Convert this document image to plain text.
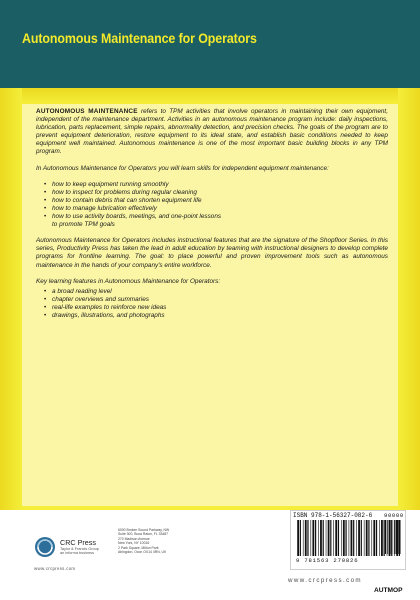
Autonomous Maintenance for Operators

AUTONOMOUS MAINTENANCE refers to TPM activities that involve operators in maintaining their own equipment, independent of the maintenance department. Activities in an autonomous maintenance program include: daily inspections, lubrication, parts replacement, simple repairs, abnormality detection, and precision checks. The goals of the program are to prevent equipment deterioration, restore equipment to its ideal state, and establish basic conditions needed to keep equipment well maintained. Autonomous maintenance is one of the most important basic building blocks in any TPM program.

In Autonomous Maintenance for Operators you will learn skills for independent equipment maintenance:

• how to keep equipment running smoothly
• how to inspect for problems during regular cleaning
• how to contain debris that can shorten equipment life
• how to manage lubrication effectively
• how to use activity boards, meetings, and one-point lessons
to promote TPM goals

Autonomous Maintenance for Operators includes instructional features that are the signature of the Shopfloor Series. In this series, Productivity Press has taken the lead in adult education by teaming with instructional designers to develop complete programs for frontline learning. The goal: to place powerful and proven improvement tools such as autonomous maintenance in the hands of your company's entire workforce.

Key learning features in Autonomous Maintenance for Operators:

• a broad reading level
• chapter overviews and summaries
• real-life examples to reinforce new ideas
• drawings, illustrations, and photographs
CRC Press
Taylor & Francis Group
an informa business
www.crcpress.com
6000 Broken Sound Parkway, NW
Suite 300, Boca Raton, FL 33487
270 Madison Avenue
New York, NY 10016
2 Park Square, Milton Park
Abingdon, Oxon OX14 4RN, UK
ISBN 978-1-56327-082-6
9 781563 270826
90000
www.crcpress.com
AUTMOP
